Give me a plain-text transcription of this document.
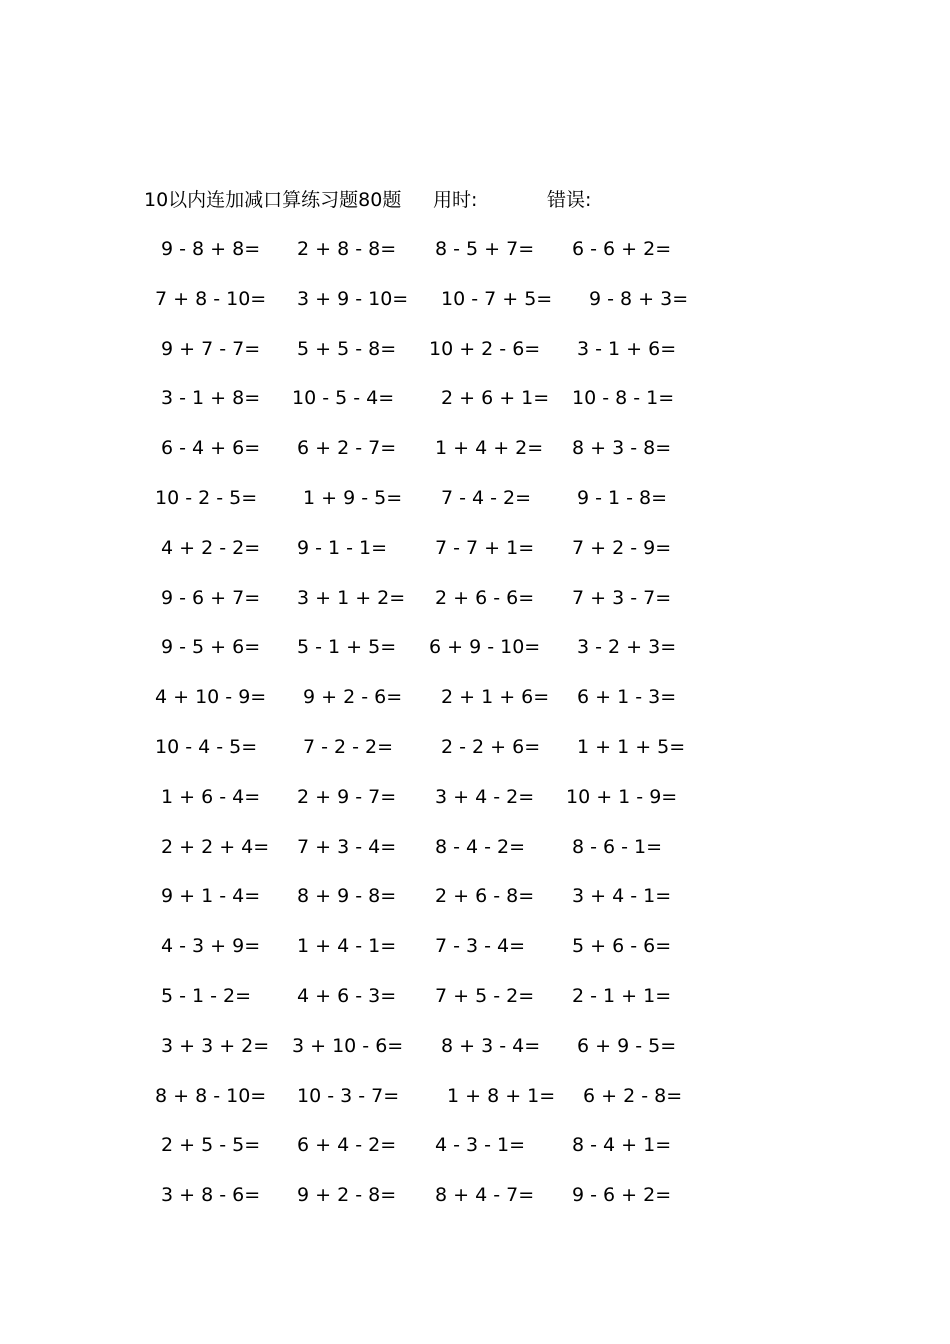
10以内连加减口算练习题80题 用时:	错误:
9 - 8 + 8= 2 + 8 - 8= 8 - 5 + 7= 6 - 6 + 2=
7 + 8 - 10= 3 + 9 - 10= 10 - 7 + 5= 9 - 8 + 3=
9 + 7 - 7= 5 + 5 - 8= 10 + 2 - 6= 3 - 1 + 6=
3 - 1 + 8= 10 - 5 - 4= 2 + 6 + 1= 10 - 8 - 1=
6 - 4 + 6= 6 + 2 - 7= 1 + 4 + 2= 8 + 3 - 8=
10 - 2 - 5= 1 + 9 - 5= 7 - 4 - 2= 9 - 1 - 8=
4 + 2 - 2= 9 - 1 - 1=	7 - 7 + 1= 7 + 2 - 9=
9 - 6 + 7= 3 + 1 + 2= 2 + 6 - 6= 7 + 3 - 7=
9 - 5 + 6= 5 - 1 + 5= 6 + 9 - 10= 3 - 2 + 3=
4 + 10 - 9= 9 + 2 - 6= 2 + 1 + 6= 6 + 1 - 3=
10 - 4 - 5= 7 - 2 - 2=	2 - 2 + 6= 1 + 1 + 5=
1 + 6 - 4= 2 + 9 - 7= 3 + 4 - 2= 10 + 1 - 9=
2 + 2 + 4= 7 + 3 - 4= 8 - 4 - 2= 8 - 6 - 1=
9 + 1 - 4= 8 + 9 - 8= 2 + 6 - 8= 3 + 4 - 1=
4 - 3 + 9= 1 + 4 - 1= 7 - 3 - 4= 5 + 6 - 6=
5 - 1 - 2= 4 + 6 - 3= 7 + 5 - 2= 2 - 1 + 1=
3 + 3 + 2= 3 + 10 - 6= 8 + 3 - 4= 6 + 9 - 5=
8 + 8 - 10= 10 - 3 - 7=	1 + 8 + 1= 6 + 2 - 8=
2 + 5 - 5= 6 + 4 - 2= 4 - 3 - 1= 8 - 4 + 1=
3 + 8 - 6= 9 + 2 - 8= 8 + 4 - 7= 9 - 6 + 2=
